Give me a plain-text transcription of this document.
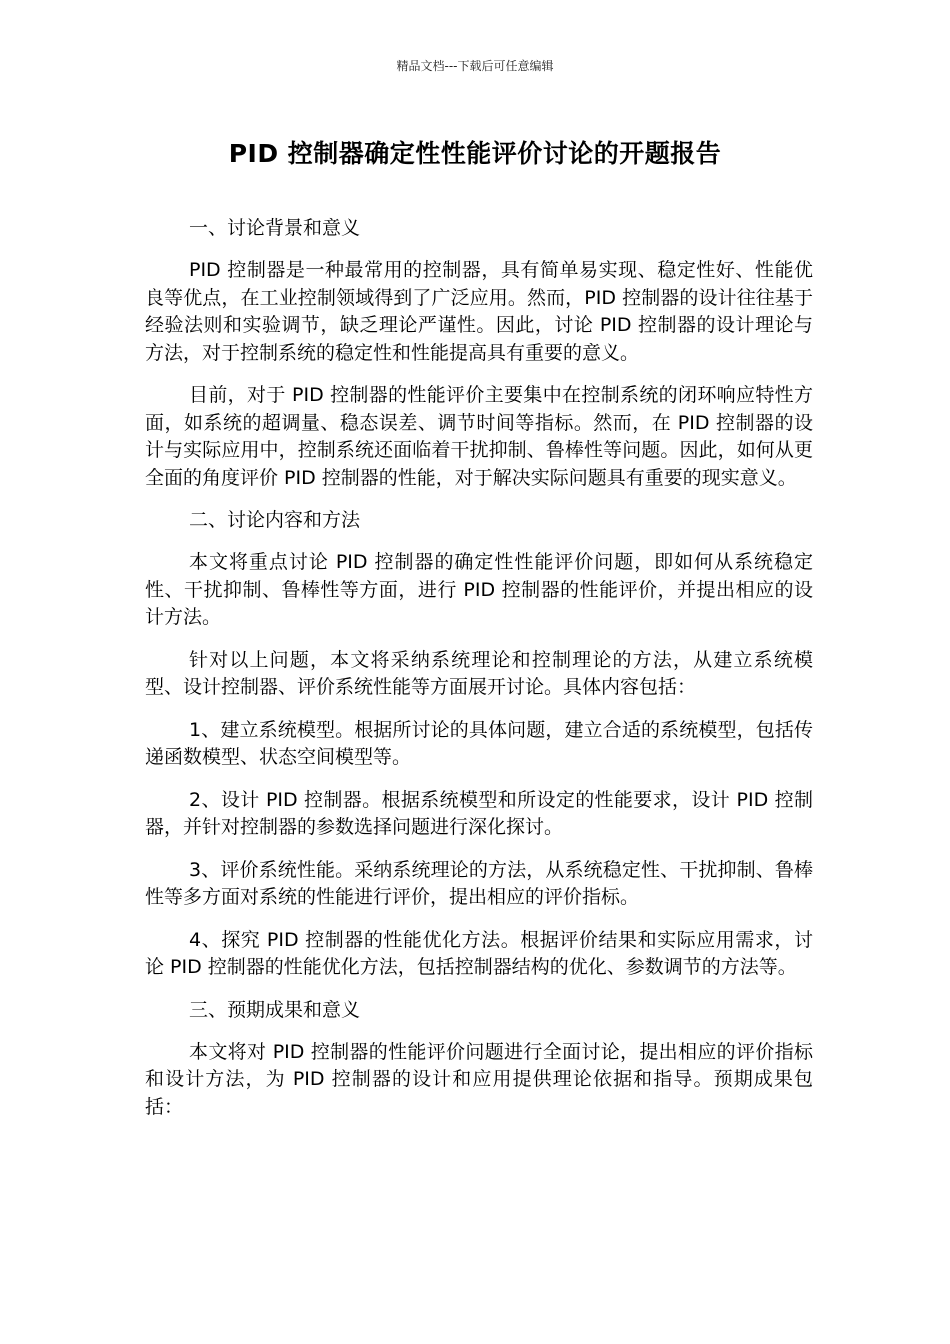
精品文档---下载后可任意编辑
PID 控制器确定性性能评价讨论的开题报告

一、讨论背景和意义

PID 控制器是一种最常用的控制器，具有简单易实现、稳定性好、性能优良等优点，在工业控制领域得到了广泛应用。然而，PID 控制器的设计往往基于经验法则和实验调节，缺乏理论严谨性。因此，讨论 PID 控制器的设计理论与方法，对于控制系统的稳定性和性能提高具有重要的意义。

目前，对于 PID 控制器的性能评价主要集中在控制系统的闭环响应特性方面，如系统的超调量、稳态误差、调节时间等指标。然而，在 PID 控制器的设计与实际应用中，控制系统还面临着干扰抑制、鲁棒性等问题。因此，如何从更全面的角度评价 PID 控制器的性能，对于解决实际问题具有重要的现实意义。

二、讨论内容和方法

本文将重点讨论 PID 控制器的确定性性能评价问题，即如何从系统稳定性、干扰抑制、鲁棒性等方面，进行 PID 控制器的性能评价，并提出相应的设计方法。

针对以上问题，本文将采纳系统理论和控制理论的方法，从建立系统模型、设计控制器、评价系统性能等方面展开讨论。具体内容包括：

1、建立系统模型。根据所讨论的具体问题，建立合适的系统模型，包括传递函数模型、状态空间模型等。

2、设计 PID 控制器。根据系统模型和所设定的性能要求，设计 PID 控制器，并针对控制器的参数选择问题进行深化探讨。

3、评价系统性能。采纳系统理论的方法，从系统稳定性、干扰抑制、鲁棒性等多方面对系统的性能进行评价，提出相应的评价指标。

4、探究 PID 控制器的性能优化方法。根据评价结果和实际应用需求，讨论 PID 控制器的性能优化方法，包括控制器结构的优化、参数调节的方法等。

三、预期成果和意义

本文将对 PID 控制器的性能评价问题进行全面讨论，提出相应的评价指标和设计方法，为 PID 控制器的设计和应用提供理论依据和指导。预期成果包括：
